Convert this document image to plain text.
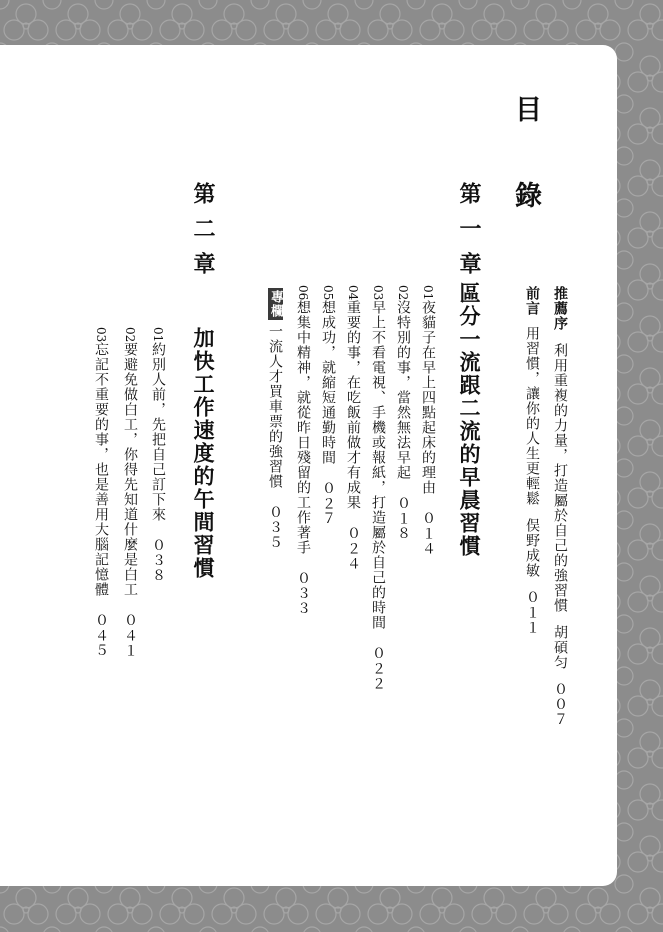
目 錄
推薦序利用重複的力量，打造屬於自己的強習慣胡碩匀００７
前言用習慣，讓你的人生更輕鬆俣野成敏０１１
第一章
區分一流跟二流的早晨習慣
01夜貓子在早上四點起床的理由０１４
02沒特別的事，當然無法早起０１８
03早上不看電視、手機或報紙，打造屬於自己的時間０２２
04重要的事，在吃飯前做才有成果０２４
05想成功，就縮短通勤時間０２７
06想集中精神，就從昨日殘留的工作著手０３３
專欄一流人才買車票的強習慣０３５
第二章
加快工作速度的午間習慣
01約別人前，先把自己訂下來０３８
02要避免做白工，你得先知道什麼是白工０４１
03忘記不重要的事，也是善用大腦記憶體０４５
